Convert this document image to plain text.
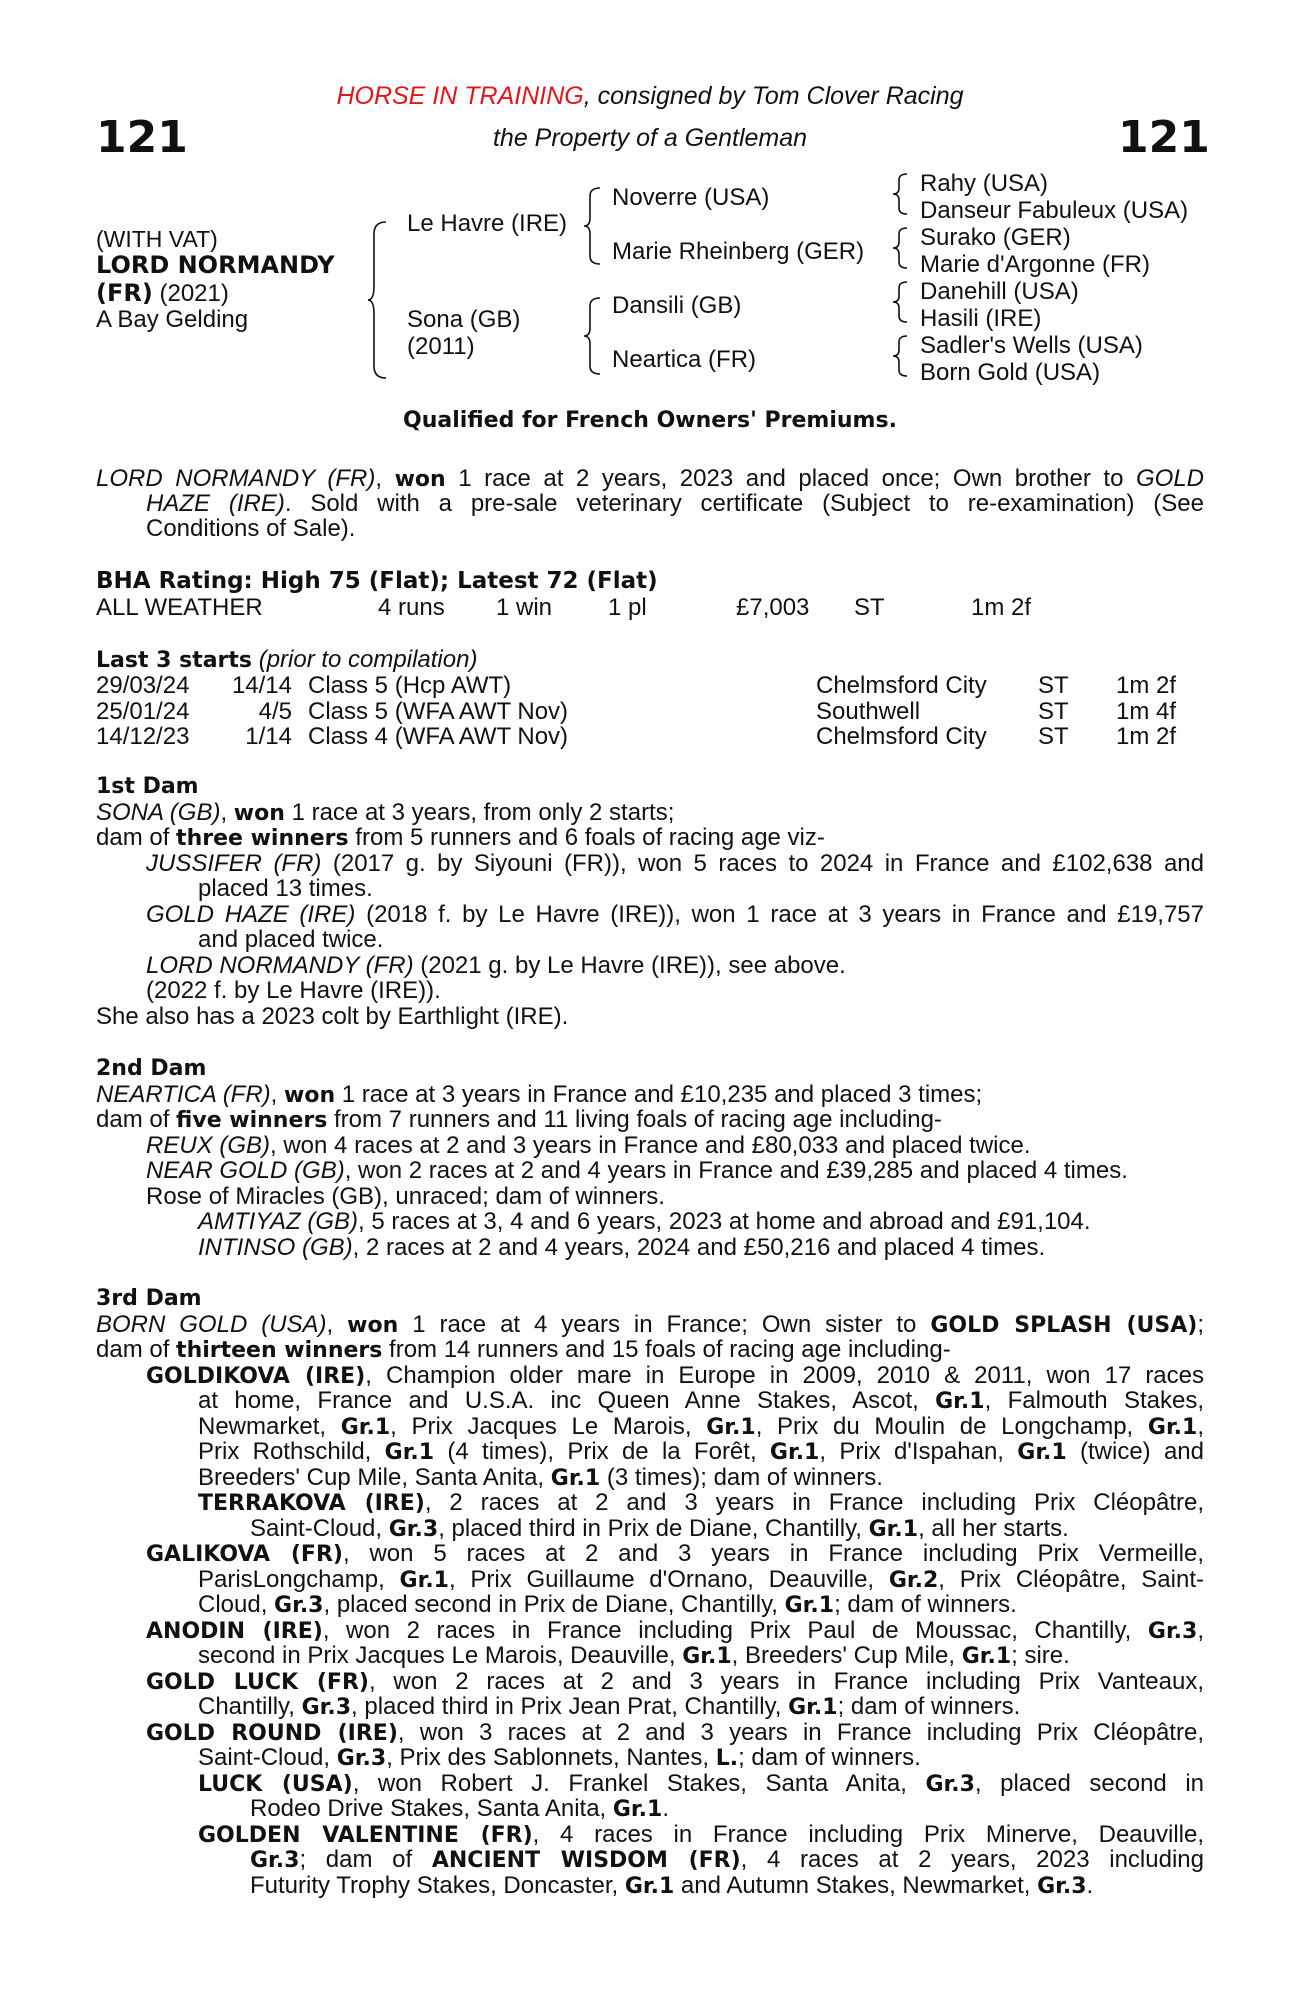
121	121
HORSE IN TRAINING, consigned by Tom Clover Racing
the Property of a Gentleman
(WITH VAT)
LORD NORMANDY
(FR) (2021)
A Bay Gelding
Le Havre (IRE)
Sona (GB)
(2011)
Noverre (USA)
Marie Rheinberg (GER)
Dansili (GB)
Neartica (FR)
Rahy (USA)
Danseur Fabuleux (USA)
Surako (GER)
Marie d'Argonne (FR)
Danehill (USA)
Hasili (IRE)
Sadler's Wells (USA)
Born Gold (USA)
Qualified for French Owners' Premiums.
LORD NORMANDY (FR), won 1 race at 2 years, 2023 and placed once; Own brother to GOLD
HAZE (IRE). Sold with a pre-sale veterinary certificate (Subject to re-examination) (See
Conditions of Sale).
BHA Rating: High 75 (Flat); Latest 72 (Flat)
ALL WEATHER	4 runs 1 win 1 pl	£7,003 ST	1m 2f
Last 3 starts (prior to compilation)
29/03/24	14/14 Class 5 (Hcp AWT)	Chelmsford City ST 1m 2f
25/01/24	4/5 Class 5 (WFA AWT Nov)	Southwell	ST 1m 4f
14/12/23	1/14 Class 4 (WFA AWT Nov)	Chelmsford City ST 1m 2f
1st Dam
SONA (GB), won 1 race at 3 years, from only 2 starts;
dam of three winners from 5 runners and 6 foals of racing age viz-
JUSSIFER (FR) (2017 g. by Siyouni (FR)), won 5 races to 2024 in France and £102,638 and
placed 13 times.
GOLD HAZE (IRE) (2018 f. by Le Havre (IRE)), won 1 race at 3 years in France and £19,757
and placed twice.
LORD NORMANDY (FR) (2021 g. by Le Havre (IRE)), see above.
(2022 f. by Le Havre (IRE)).
She also has a 2023 colt by Earthlight (IRE).
2nd Dam
NEARTICA (FR), won 1 race at 3 years in France and £10,235 and placed 3 times;
dam of five winners from 7 runners and 11 living foals of racing age including-
REUX (GB), won 4 races at 2 and 3 years in France and £80,033 and placed twice.
NEAR GOLD (GB), won 2 races at 2 and 4 years in France and £39,285 and placed 4 times.
Rose of Miracles (GB), unraced; dam of winners.
AMTIYAZ (GB), 5 races at 3, 4 and 6 years, 2023 at home and abroad and £91,104.
INTINSO (GB), 2 races at 2 and 4 years, 2024 and £50,216 and placed 4 times.
3rd Dam
BORN GOLD (USA), won 1 race at 4 years in France; Own sister to GOLD SPLASH (USA);
dam of thirteen winners from 14 runners and 15 foals of racing age including-
GOLDIKOVA (IRE), Champion older mare in Europe in 2009, 2010 & 2011, won 17 races
at home, France and U.S.A. inc Queen Anne Stakes, Ascot, Gr.1, Falmouth Stakes,
Newmarket, Gr.1, Prix Jacques Le Marois, Gr.1, Prix du Moulin de Longchamp, Gr.1,
Prix Rothschild, Gr.1 (4 times), Prix de la Forêt, Gr.1, Prix d'Ispahan, Gr.1 (twice) and
Breeders' Cup Mile, Santa Anita, Gr.1 (3 times); dam of winners.
TERRAKOVA (IRE), 2 races at 2 and 3 years in France including Prix Cléopâtre,
Saint-Cloud, Gr.3, placed third in Prix de Diane, Chantilly, Gr.1, all her starts.
GALIKOVA (FR), won 5 races at 2 and 3 years in France including Prix Vermeille,
ParisLongchamp, Gr.1, Prix Guillaume d'Ornano, Deauville, Gr.2, Prix Cléopâtre, Saint-
Cloud, Gr.3, placed second in Prix de Diane, Chantilly, Gr.1; dam of winners.
ANODIN (IRE), won 2 races in France including Prix Paul de Moussac, Chantilly, Gr.3,
second in Prix Jacques Le Marois, Deauville, Gr.1, Breeders' Cup Mile, Gr.1; sire.
GOLD LUCK (FR), won 2 races at 2 and 3 years in France including Prix Vanteaux,
Chantilly, Gr.3, placed third in Prix Jean Prat, Chantilly, Gr.1; dam of winners.
GOLD ROUND (IRE), won 3 races at 2 and 3 years in France including Prix Cléopâtre,
Saint-Cloud, Gr.3, Prix des Sablonnets, Nantes, L.; dam of winners.
LUCK (USA), won Robert J. Frankel Stakes, Santa Anita, Gr.3, placed second in
Rodeo Drive Stakes, Santa Anita, Gr.1.
GOLDEN VALENTINE (FR), 4 races in France including Prix Minerve, Deauville,
Gr.3; dam of ANCIENT WISDOM (FR), 4 races at 2 years, 2023 including
Futurity Trophy Stakes, Doncaster, Gr.1 and Autumn Stakes, Newmarket, Gr.3.
